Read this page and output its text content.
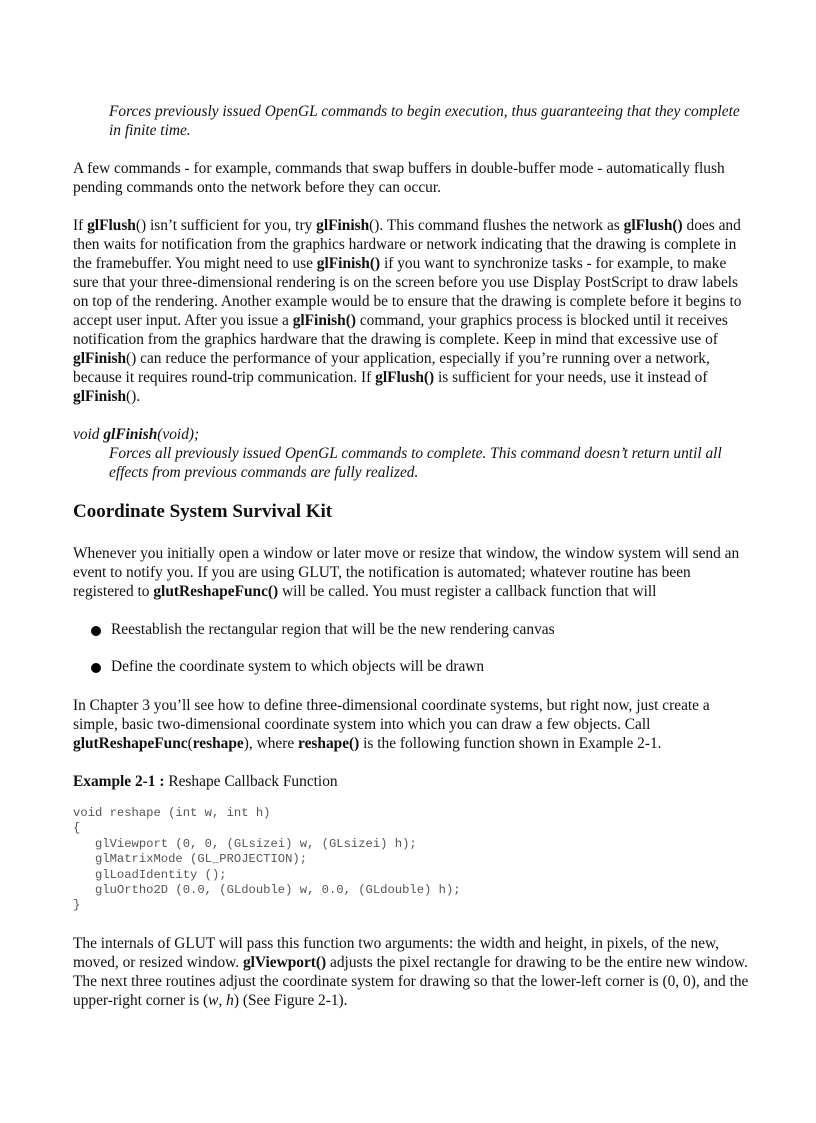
Forces previously issued OpenGL commands to begin execution, thus guaranteeing that they complete in finite time.

A few commands - for example, commands that swap buffers in double-buffer mode - automatically flush pending commands onto the network before they can occur.

If glFlush() isn’t sufficient for you, try glFinish(). This command flushes the network as glFlush() does and then waits for notification from the graphics hardware or network indicating that the drawing is complete in the framebuffer. You might need to use glFinish() if you want to synchronize tasks - for example, to make sure that your three-dimensional rendering is on the screen before you use Display PostScript to draw labels on top of the rendering. Another example would be to ensure that the drawing is complete before it begins to accept user input. After you issue a glFinish() command, your graphics process is blocked until it receives notification from the graphics hardware that the drawing is complete. Keep in mind that excessive use of glFinish() can reduce the performance of your application, especially if you’re running over a network, because it requires round-trip communication. If glFlush() is sufficient for your needs, use it instead of glFinish().

void glFinish(void);

Forces all previously issued OpenGL commands to complete. This command doesn’t return until all effects from previous commands are fully realized.

Coordinate System Survival Kit

Whenever you initially open a window or later move or resize that window, the window system will send an event to notify you. If you are using GLUT, the notification is automated; whatever routine has been registered to glutReshapeFunc() will be called. You must register a callback function that will

Reestablish the rectangular region that will be the new rendering canvas
Define the coordinate system to which objects will be drawn

In Chapter 3 you’ll see how to define three-dimensional coordinate systems, but right now, just create a simple, basic two-dimensional coordinate system into which you can draw a few objects. Call glutReshapeFunc(reshape), where reshape() is the following function shown in Example 2-1.

Example 2-1 : Reshape Callback Function

void reshape (int w, int h)
{
glViewport (0, 0, (GLsizei) w, (GLsizei) h);
glMatrixMode (GL_PROJECTION);
glLoadIdentity ();
gluOrtho2D (0.0, (GLdouble) w, 0.0, (GLdouble) h);
}

The internals of GLUT will pass this function two arguments: the width and height, in pixels, of the new, moved, or resized window. glViewport() adjusts the pixel rectangle for drawing to be the entire new window. The next three routines adjust the coordinate system for drawing so that the lower-left corner is (0, 0), and the upper-right corner is (w, h) (See Figure 2-1).
